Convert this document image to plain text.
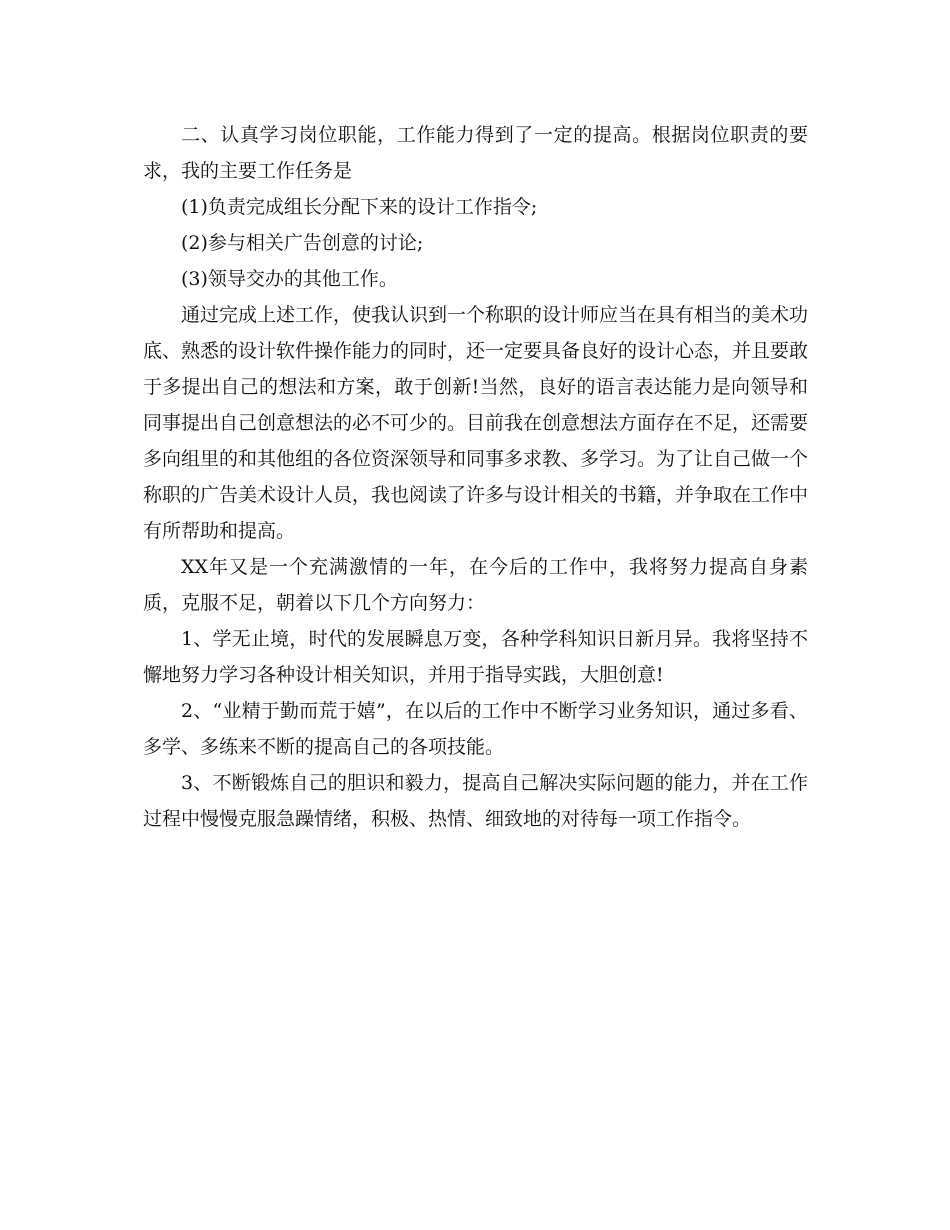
二、认真学习岗位职能，工作能力得到了一定的提高。根据岗位职责的要求，我的主要工作任务是

(1)负责完成组长分配下来的设计工作指令;

(2)参与相关广告创意的讨论;

(3)领导交办的其他工作。

通过完成上述工作，使我认识到一个称职的设计师应当在具有相当的美术功底、熟悉的设计软件操作能力的同时，还一定要具备良好的设计心态，并且要敢于多提出自己的想法和方案，敢于创新!当然，良好的语言表达能力是向领导和同事提出自己创意想法的必不可少的。目前我在创意想法方面存在不足，还需要多向组里的和其他组的各位资深领导和同事多求教、多学习。为了让自己做一个称职的广告美术设计人员，我也阅读了许多与设计相关的书籍，并争取在工作中有所帮助和提高。

XX年又是一个充满激情的一年，在今后的工作中，我将努力提高自身素质，克服不足，朝着以下几个方向努力：

1、学无止境，时代的发展瞬息万变，各种学科知识日新月异。我将坚持不懈地努力学习各种设计相关知识，并用于指导实践，大胆创意!

2、“业精于勤而荒于嬉”，在以后的工作中不断学习业务知识，通过多看、多学、多练来不断的提高自己的各项技能。

3、不断锻炼自己的胆识和毅力，提高自己解决实际问题的能力，并在工作过程中慢慢克服急躁情绪，积极、热情、细致地的对待每一项工作指令。
